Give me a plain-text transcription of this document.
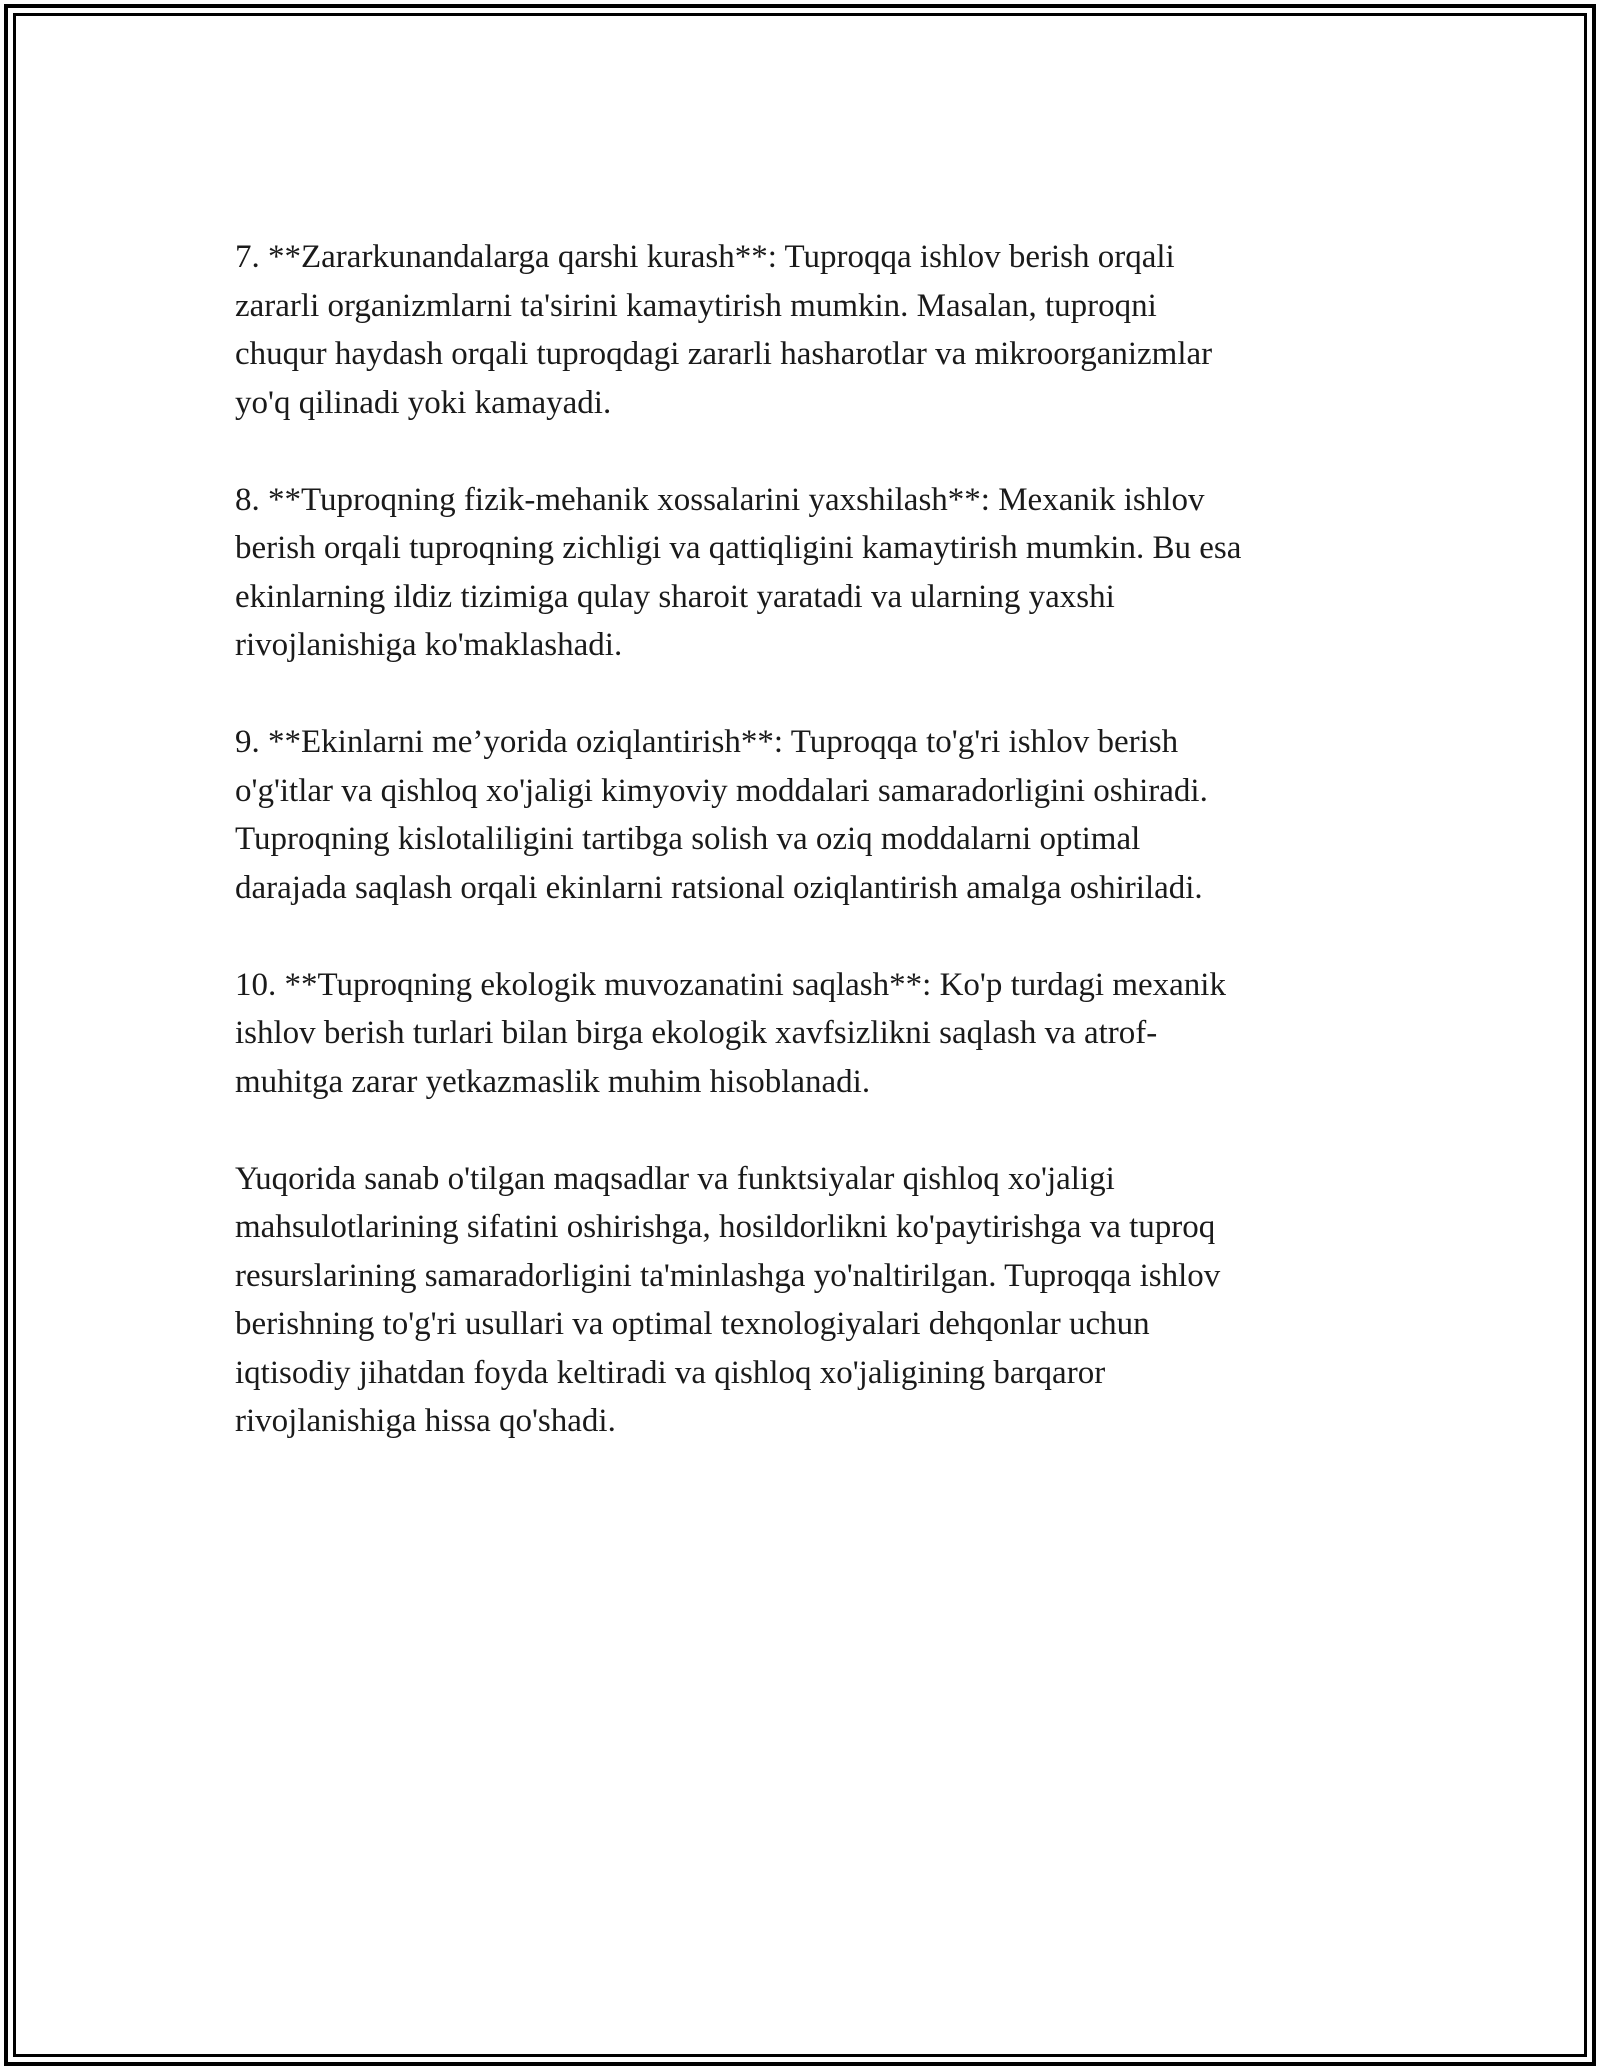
7. **Zararkunandalarga qarshi kurash**: Tuproqqa ishlov berish orqali
zararli organizmlarni ta'sirini kamaytirish mumkin. Masalan, tuproqni
chuqur haydash orqali tuproqdagi zararli hasharotlar va mikroorganizmlar
yo'q qilinadi yoki kamayadi.

8. **Tuproqning fizik-mehanik xossalarini yaxshilash**: Mexanik ishlov
berish orqali tuproqning zichligi va qattiqligini kamaytirish mumkin. Bu esa
ekinlarning ildiz tizimiga qulay sharoit yaratadi va ularning yaxshi
rivojlanishiga ko'maklashadi.

9. **Ekinlarni me’yorida oziqlantirish**: Tuproqqa to'g'ri ishlov berish
o'g'itlar va qishloq xo'jaligi kimyoviy moddalari samaradorligini oshiradi.
Tuproqning kislotaliligini tartibga solish va oziq moddalarni optimal
darajada saqlash orqali ekinlarni ratsional oziqlantirish amalga oshiriladi.

10. **Tuproqning ekologik muvozanatini saqlash**: Ko'p turdagi mexanik
ishlov berish turlari bilan birga ekologik xavfsizlikni saqlash va atrof-
muhitga zarar yetkazmaslik muhim hisoblanadi.

Yuqorida sanab o'tilgan maqsadlar va funktsiyalar qishloq xo'jaligi
mahsulotlarining sifatini oshirishga, hosildorlikni ko'paytirishga va tuproq
resurslarining samaradorligini ta'minlashga yo'naltirilgan. Tuproqqa ishlov
berishning to'g'ri usullari va optimal texnologiyalari dehqonlar uchun
iqtisodiy jihatdan foyda keltiradi va qishloq xo'jaligining barqaror
rivojlanishiga hissa qo'shadi.
